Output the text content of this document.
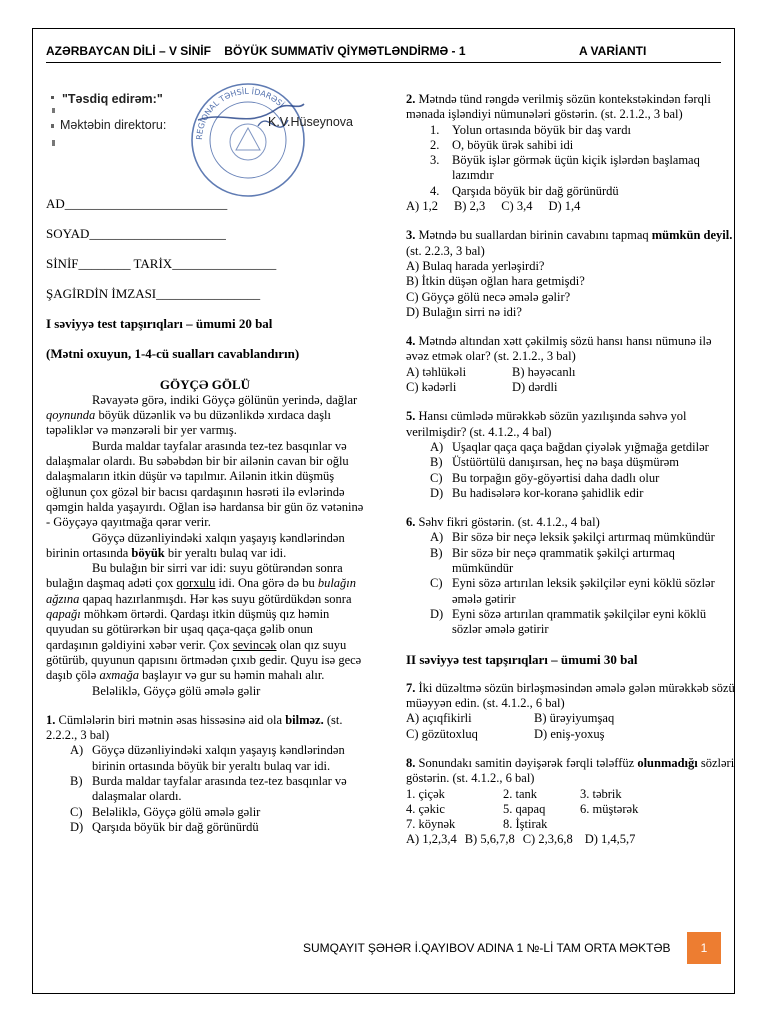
AZƏRBAYCAN DİLİ – V SİNİF    BÖYÜK SUMMATİV QİYMƏTLƏNDİRMƏ - 1	A VARİANTI
REGIONAL TƏHSİL İDARƏSİ
"Təsdiq edirəm:"
Məktəbin direktoru:	K.V.Hüseynova

AD_________________________

SOYAD_____________________

SİNİF________ TARİX________________

ŞAGİRDİN İMZASI________________

I səviyyə test tapşırıqları – ümumi 20 bal

(Mətni oxuyun, 1-4-cü sualları cavablandırın)

GÖYÇƏ GÖLÜ

Rəvayətə görə, indiki Göyçə gölünün yerində, dağlar qoynunda böyük düzənlik və bu düzənlikdə xırdaca daşlı təpəliklər və mənzərəli bir yer varmış.

Burda maldar tayfalar arasında tez-tez basqınlar və dalaşmalar olardı. Bu səbəbdən bir bir ailənin cavan bir oğlu dalaşmaların itkin düşür və tapılmır. Ailənin itkin düşmüş oğlunun çox gözəl bir bacısı qardaşının həsrəti ilə evlərində qəmgin halda yaşayırdı. Oğlan isə hardansa bir gün öz vətəninə - Göyçəyə qayıtmağa qərar verir.

Göyçə düzənliyindəki xalqın yaşayış kəndlərindən birinin ortasında böyük bir yeraltı bulaq var idi.

Bu bulağın bir sirri var idi: suyu götürəndən sonra bulağın daşmaq adəti çox qorxulu idi. Ona görə də bu bulağın ağzına qapaq hazırlanmışdı. Hər kəs suyu götürdükdən sonra qapağı möhkəm örtərdi. Qardaşı itkin düşmüş qız həmin quyudan su götürərkən bir uşaq qaça-qaça gəlib onun qardaşının gəldiyini xəbər verir. Çox sevincək olan qız suyu götürüb, quyunun qapısını örtmədən çıxıb gedir. Quyu isə gecə daşıb çölə axmağa başlayır və gur su həmin mahalı alır.

Beləliklə, Göyçə gölü əmələ gəlir

1. Cümlələrin biri mətnin əsas hissəsinə aid ola bilməz. (st. 2.2.2., 3 bal)

A) Göyçə düzənliyindəki xalqın yaşayış kəndlərindən birinin ortasında böyük bir yeraltı bulaq var idi.
B) Burda maldar tayfalar arasında tez-tez basqınlar və dalaşmalar olardı.
C) Beləliklə, Göyçə gölü əmələ gəlir
D) Qarşıda böyük bir dağ görünürdü

2. Mətndə tünd rəngdə verilmiş sözün kontekstəkindən fərqli mənada işləndiyi nümunələri göstərin. (st. 2.1.2., 3 bal)

1. Yolun ortasında böyük bir daş vardı
2. O, böyük ürək sahibi idi
3. Böyük işlər görmək üçün kiçik işlərdən başlamaq lazımdır
4. Qarşıda böyük bir dağ görünürdü

A) 1,2 B) 2,3 C) 3,4 D) 1,4

3. Mətndə bu suallardan birinin cavabını tapmaq mümkün deyil. (st. 2.2.3, 3 bal)

A) Bulaq harada yerləşirdi?

B) İtkin düşən oğlan hara getmişdi?

C) Göyçə gölü necə əmələ gəlir?

D) Bulağın sirri nə idi?

4. Mətndə altından xətt çəkilmiş sözü hansı hansı nümunə ilə əvəz etmək olar? (st. 2.1.2., 3 bal)

A) təhlükəli	B) həyəcanlı

C) kədərli	D) dərdli

5. Hansı cümlədə mürəkkəb sözün yazılışında səhvə yol verilmişdir? (st. 4.1.2., 4 bal)

A) Uşaqlar qaça qaça bağdan çiyələk yığmağa getdilər
B) Üstüörtülü danışırsan, heç nə başa düşmürəm
C) Bu torpağın göy-göyərtisi daha dadlı olur
D) Bu hadisələrə kor-koranə şahidlik edir

6. Səhv fikri göstərin. (st. 4.1.2., 4 bal)

A) Bir sözə bir neçə leksik şəkilçi artırmaq mümkündür
B) Bir sözə bir neçə qrammatik şəkilçi artırmaq mümkündür
C) Eyni sözə artırılan leksik şəkilçilər eyni köklü sözlər əmələ gətirir
D) Eyni sözə artırılan qrammatik şəkilçilər eyni köklü sözlər əmələ gətirir

II səviyyə test tapşırıqları – ümumi 30 bal

7. İki düzəltmə sözün birləşməsindən əmələ gələn mürəkkəb sözü müəyyən edin. (st. 4.1.2., 6 bal)

A) açıqfikirli	B) ürəyiyumşaq

C) gözütoxluq	D) eniş-yoxuş

8. Sonundakı samitin dəyişərək fərqli tələffüz olunmadığı sözləri göstərin. (st. 4.1.2., 6 bal)

1. çiçək	2. tank	3. təbrik

4. çəkic	5. qapaq	6. müştərək

7. köynək	8. İştirak

A) 1,2,3,4 B) 5,6,7,8 C) 2,3,6,8 D) 1,4,5,7

SUMQAYIT ŞƏHƏR İ.QAYIBOV ADINA 1 №-Lİ TAM ORTA MƏKTƏB	1
